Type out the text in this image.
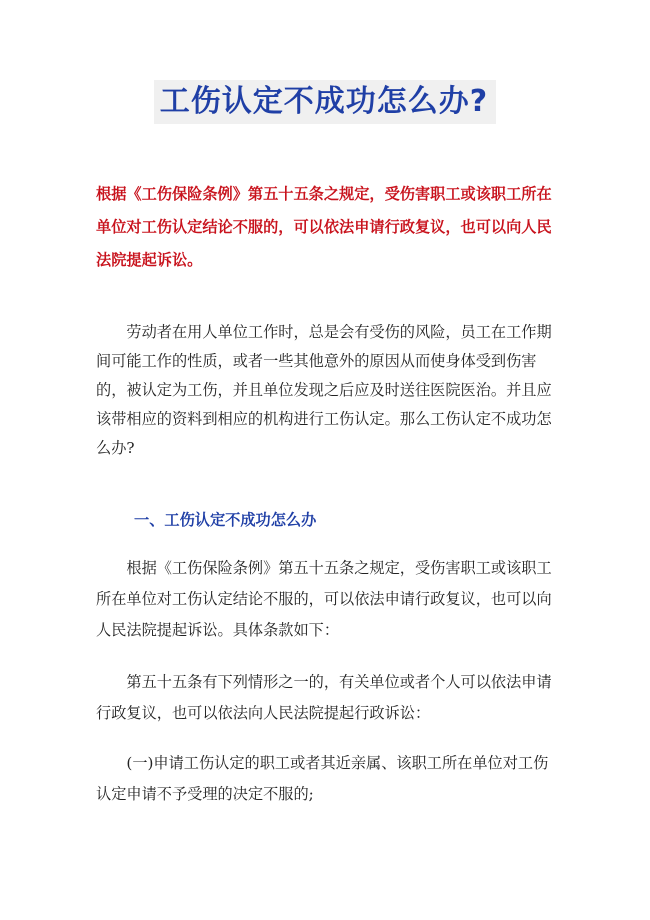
工伤认定不成功怎么办?

根据《工伤保险条例》第五十五条之规定，受伤害职工或该职工所在单位对工伤认定结论不服的，可以依法申请行政复议，也可以向人民法院提起诉讼。

劳动者在用人单位工作时，总是会有受伤的风险，员工在工作期间可能工作的性质，或者一些其他意外的原因从而使身体受到伤害的，被认定为工伤，并且单位发现之后应及时送往医院医治。并且应该带相应的资料到相应的机构进行工伤认定。那么工伤认定不成功怎么办?

一、工伤认定不成功怎么办

根据《工伤保险条例》第五十五条之规定，受伤害职工或该职工所在单位对工伤认定结论不服的，可以依法申请行政复议，也可以向人民法院提起诉讼。具体条款如下：

第五十五条有下列情形之一的，有关单位或者个人可以依法申请行政复议，也可以依法向人民法院提起行政诉讼：

(一)申请工伤认定的职工或者其近亲属、该职工所在单位对工伤认定申请不予受理的决定不服的;
